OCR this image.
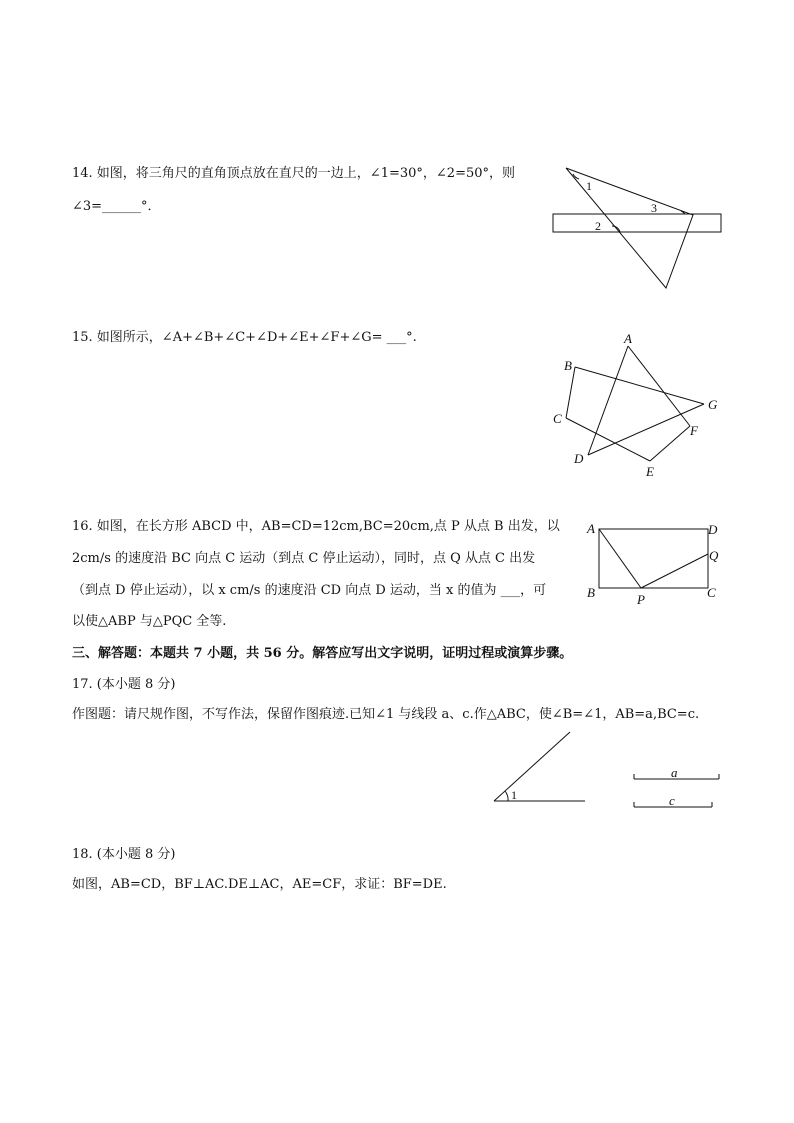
14. 如图，将三角尺的直角顶点放在直尺的一边上，∠1=30°，∠2=50°，则
∠3=______°．
1
2
3
15. 如图所示，∠A+∠B+∠C+∠D+∠E+∠F+∠G= ___°.	A
B
C
D
E
F
G
16. 如图，在长方形 ABCD 中，AB=CD=12cm,BC=20cm,点 P 从点 B 出发，以
2cm/s 的速度沿 BC 向点 C 运动（到点 C 停止运动），同时，点 Q 从点 C 出发
（到点 D 停止运动），以 x cm/s 的速度沿 CD 向点 D 运动，当 x 的值为 ___，可
以使△ABP 与△PQC 全等.
A
B	C
D
P
Q
三、解答题：本题共 7 小题，共 56 分。解答应写出文字说明，证明过程或演算步骤。
17. (本小题 8 分)
作图题：请尺规作图，不写作法，保留作图痕迹.已知∠1 与线段 a、c.作△ABC，使∠B=∠1，AB=a,BC=c.
1
a
c
18. (本小题 8 分)
如图，AB=CD，BF⊥AC.DE⊥AC，AE=CF，求证：BF=DE.
